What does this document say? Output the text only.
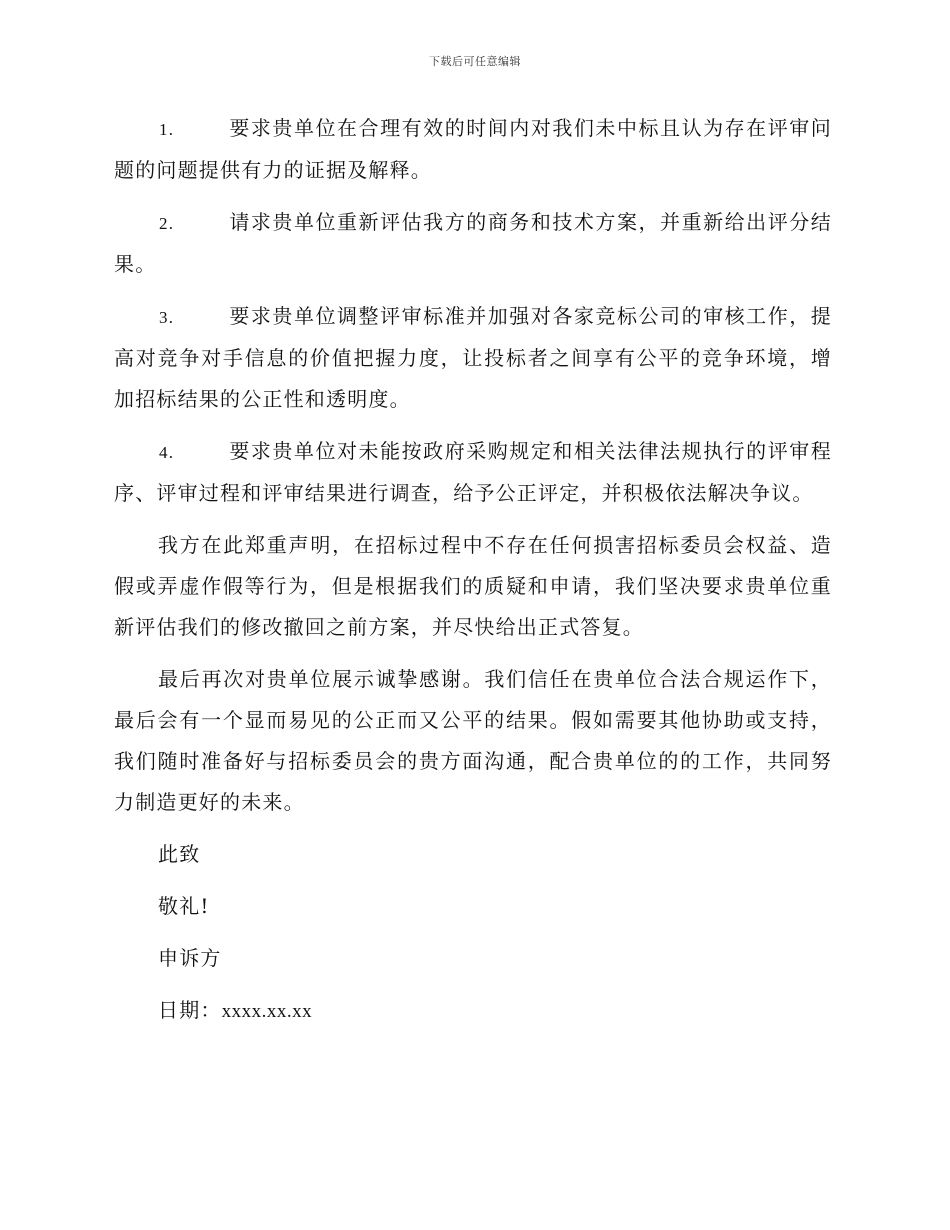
下载后可任意编辑

1.	要求贵单位在合理有效的时间内对我们未中标且认为存在评审问题的问题提供有力的证据及解释。

2.	请求贵单位重新评估我方的商务和技术方案，并重新给出评分结果。

3.	要求贵单位调整评审标准并加强对各家竞标公司的审核工作，提高对竞争对手信息的价值把握力度，让投标者之间享有公平的竞争环境，增加招标结果的公正性和透明度。

4.	要求贵单位对未能按政府采购规定和相关法律法规执行的评审程序、评审过程和评审结果进行调查，给予公正评定，并积极依法解决争议。

我方在此郑重声明，在招标过程中不存在任何损害招标委员会权益、造假或弄虚作假等行为，但是根据我们的质疑和申请，我们坚决要求贵单位重新评估我们的修改撤回之前方案，并尽快给出正式答复。

最后再次对贵单位展示诚挚感谢。我们信任在贵单位合法合规运作下，最后会有一个显而易见的公正而又公平的结果。假如需要其他协助或支持，我们随时准备好与招标委员会的贵方面沟通，配合贵单位的的工作，共同努力制造更好的未来。

此致
敬礼!
申诉方
日期：xxxx.xx.xx
